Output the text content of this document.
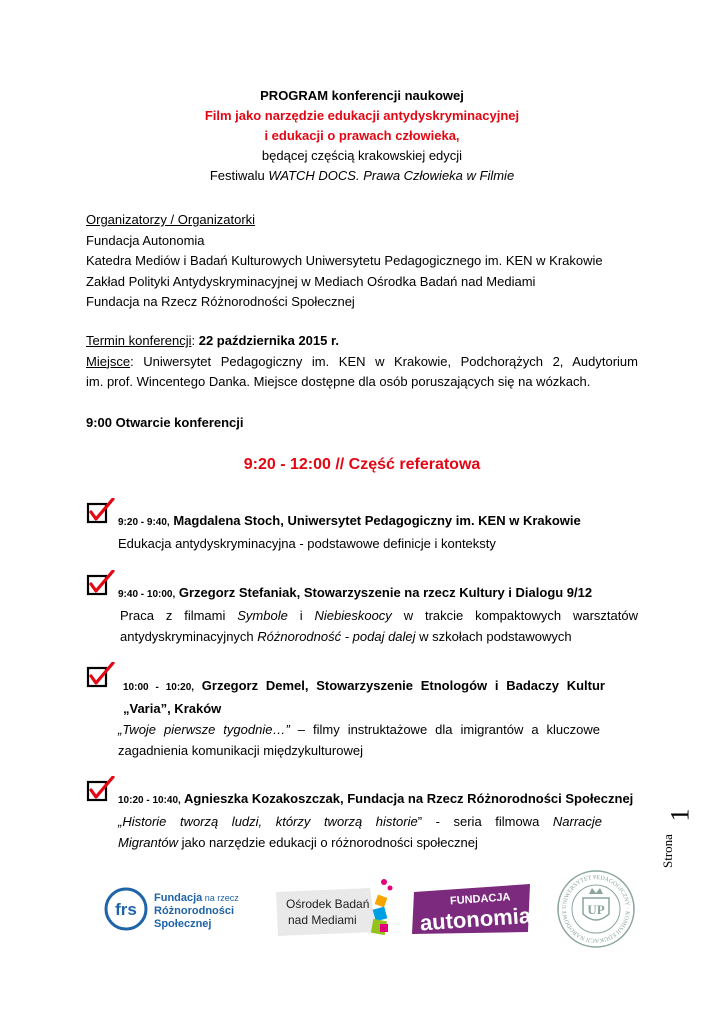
PROGRAM konferencji naukowej
Film jako narzędzie edukacji antydyskryminacyjnej
i edukacji o prawach człowieka,
będącej częścią krakowskiej edycji
Festiwalu WATCH DOCS. Prawa Człowieka w Filmie
Organizatorzy / Organizatorki
Fundacja Autonomia
Katedra Mediów i Badań Kulturowych Uniwersytetu Pedagogicznego im. KEN w Krakowie
Zakład Polityki Antydyskryminacyjnej w Mediach Ośrodka Badań nad Mediami
Fundacja na Rzecz Różnorodności Społecznej
Termin konferencji: 22 października 2015 r.
Miejsce: Uniwersytet Pedagogiczny im. KEN w Krakowie, Podchorążych 2, Audytorium
im. prof. Wincentego Danka. Miejsce dostępne dla osób poruszających się na wózkach.
9:00 Otwarcie konferencji
9:20 - 12:00 // Część referatowa
9:20 - 9:40, Magdalena Stoch, Uniwersytet Pedagogiczny im. KEN w Krakowie
Edukacja antydyskryminacyjna - podstawowe definicje i konteksty
9:40 - 10:00, Grzegorz Stefaniak, Stowarzyszenie na rzecz Kultury i Dialogu 9/12
Praca z filmami Symbole i Niebieskoocy w trakcie kompaktowych warsztatów
antydyskryminacyjnych Różnorodność - podaj dalej w szkołach podstawowych
10:00 - 10:20, Grzegorz Demel, Stowarzyszenie Etnologów i Badaczy Kultur
„Varia”, Kraków
„Twoje pierwsze tygodnie…” – filmy instruktażowe dla imigrantów a kluczowe
zagadnienia komunikacji międzykulturowej
10:20 - 10:40, Agnieszka Kozakoszczak, Fundacja na Rzecz Różnorodności Społecznej
„Historie tworzą ludzi, którzy tworzą historie” - seria filmowa Narracje
Migrantów jako narzędzie edukacji o różnorodności społecznej	Strona
1
frs
Fundacja na rzecz
Różnorodności
Społecznej
Ośrodek Badań
nad Mediami
FUNDACJA
autonomia	UNIWERSYTET PEDAGOGICZNY · KOMISJI EDUKACJI NARODOWE	UP
